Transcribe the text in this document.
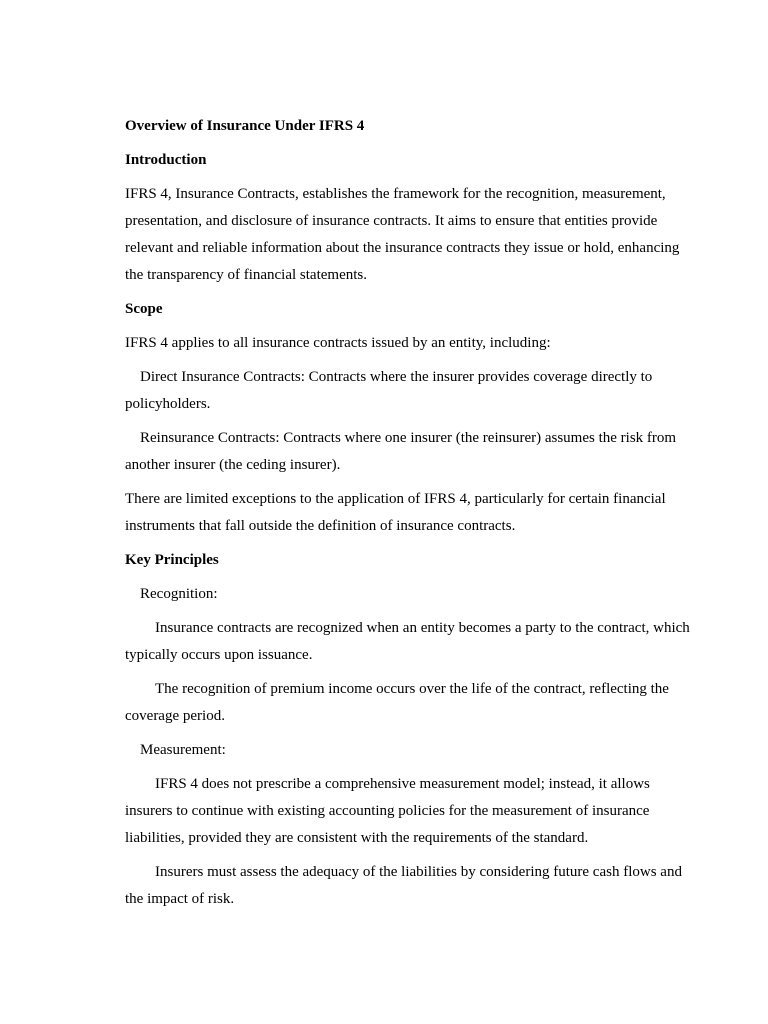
Overview of Insurance Under IFRS 4

Introduction

IFRS 4, Insurance Contracts, establishes the framework for the recognition, measurement, presentation, and disclosure of insurance contracts. It aims to ensure that entities provide relevant and reliable information about the insurance contracts they issue or hold, enhancing the transparency of financial statements.

Scope

IFRS 4 applies to all insurance contracts issued by an entity, including:

Direct Insurance Contracts: Contracts where the insurer provides coverage directly to policyholders.

Reinsurance Contracts: Contracts where one insurer (the reinsurer) assumes the risk from another insurer (the ceding insurer).

There are limited exceptions to the application of IFRS 4, particularly for certain financial instruments that fall outside the definition of insurance contracts.

Key Principles

Recognition:

Insurance contracts are recognized when an entity becomes a party to the contract, which typically occurs upon issuance.

The recognition of premium income occurs over the life of the contract, reflecting the coverage period.

Measurement:

IFRS 4 does not prescribe a comprehensive measurement model; instead, it allows insurers to continue with existing accounting policies for the measurement of insurance liabilities, provided they are consistent with the requirements of the standard.

Insurers must assess the adequacy of the liabilities by considering future cash flows and the impact of risk.
